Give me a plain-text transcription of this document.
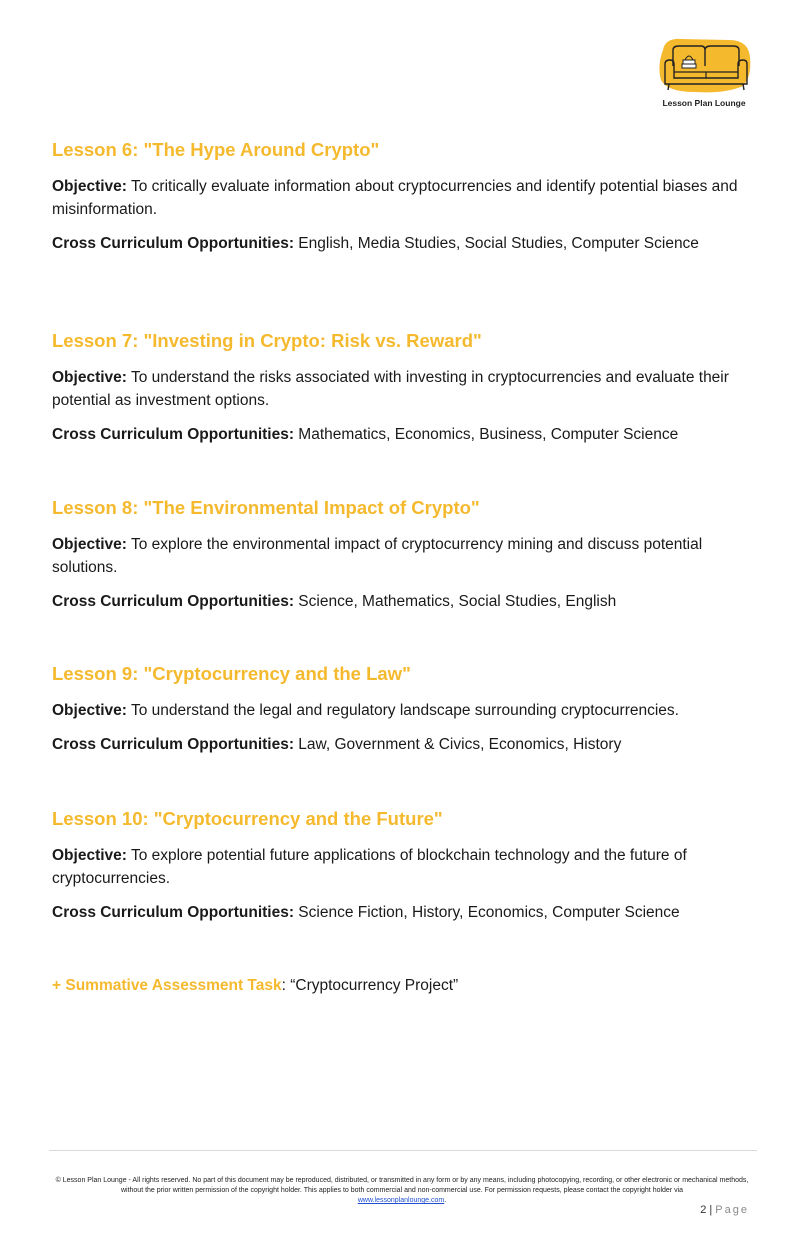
Lesson Plan Lounge
Lesson 6: "The Hype Around Crypto"

Objective: To critically evaluate information about cryptocurrencies and identify potential biases and misinformation.

Cross Curriculum Opportunities: English, Media Studies, Social Studies, Computer Science

Lesson 7: "Investing in Crypto: Risk vs. Reward"

Objective: To understand the risks associated with investing in cryptocurrencies and evaluate their potential as investment options.

Cross Curriculum Opportunities: Mathematics, Economics, Business, Computer Science

Lesson 8: "The Environmental Impact of Crypto"

Objective: To explore the environmental impact of cryptocurrency mining and discuss potential solutions.

Cross Curriculum Opportunities: Science, Mathematics, Social Studies, English

Lesson 9: "Cryptocurrency and the Law"

Objective: To understand the legal and regulatory landscape surrounding cryptocurrencies.

Cross Curriculum Opportunities: Law, Government & Civics, Economics, History

Lesson 10: "Cryptocurrency and the Future"

Objective: To explore potential future applications of blockchain technology and the future of cryptocurrencies.

Cross Curriculum Opportunities: Science Fiction, History, Economics, Computer Science

+ Summative Assessment Task: “Cryptocurrency Project”
© Lesson Plan Lounge - All rights reserved. No part of this document may be reproduced, distributed, or transmitted in any form or by any means, including photocopying, recording, or other electronic or mechanical methods, without the prior written permission of the copyright holder. This applies to both commercial and non-commercial use. For permission requests, please contact the copyright holder via
www.lessonplanlounge.com.
2 | Page
